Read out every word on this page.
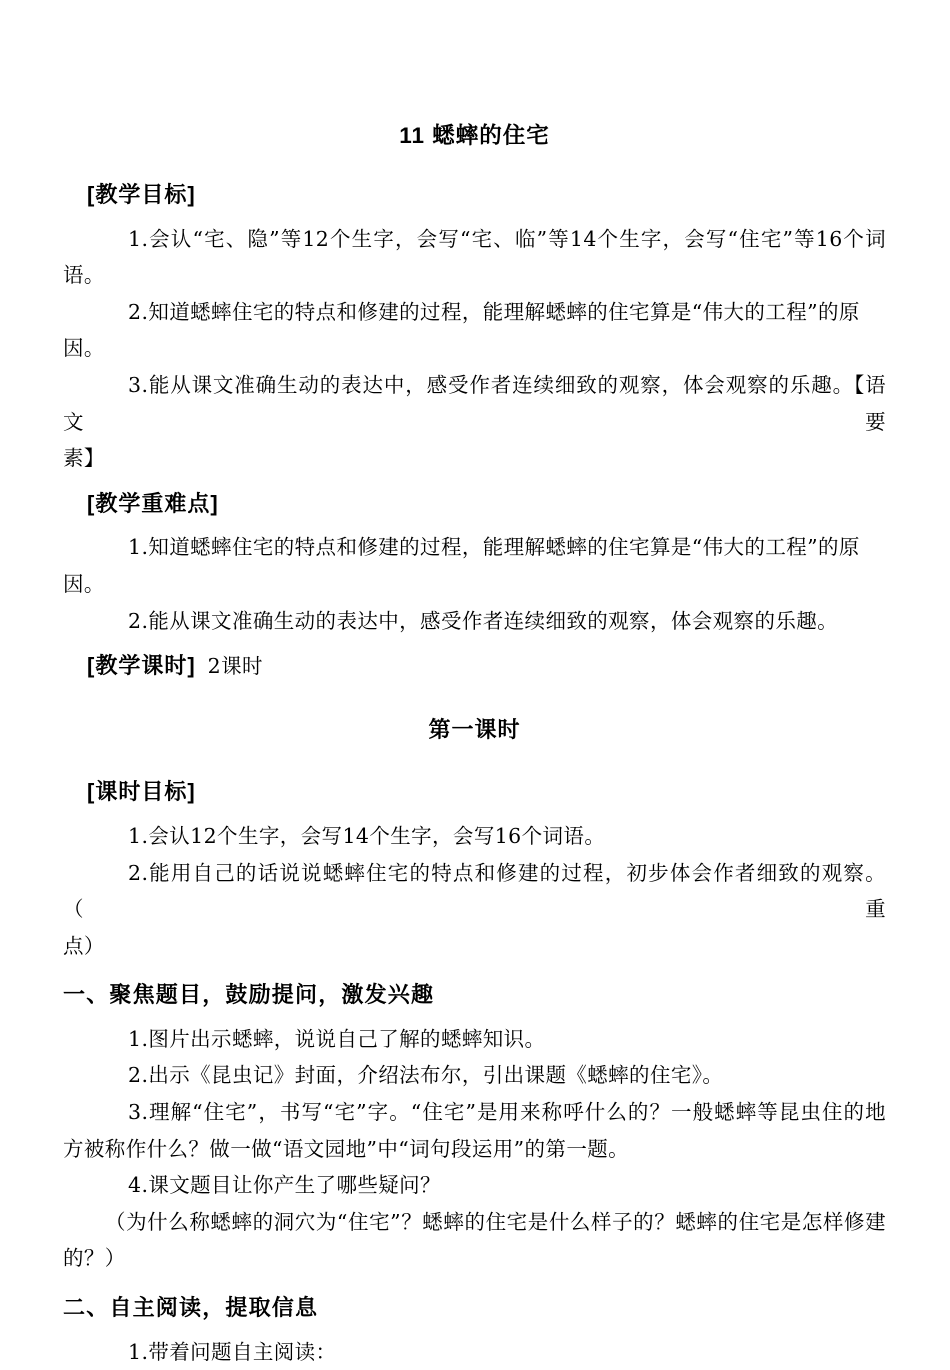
11 蟋蟀的住宅
[教学目标]
1.会认“宅、隐”等12个生字，会写“宅、临”等14个生字，会写“住宅”等16个词
语。
2.知道蟋蟀住宅的特点和修建的过程，能理解蟋蟀的住宅算是“伟大的工程”的原因。
3.能从课文准确生动的表达中，感受作者连续细致的观察，体会观察的乐趣。【语文要
素】
[教学重难点]
1.知道蟋蟀住宅的特点和修建的过程，能理解蟋蟀的住宅算是“伟大的工程”的原因。
2.能从课文准确生动的表达中，感受作者连续细致的观察，体会观察的乐趣。
[教学课时] 2课时
第一课时
[课时目标]
1.会认12个生字，会写14个生字，会写16个词语。
2.能用自己的话说说蟋蟀住宅的特点和修建的过程，初步体会作者细致的观察。（重
点）
一、聚焦题目，鼓励提问，激发兴趣
1.图片出示蟋蟀，说说自己了解的蟋蟀知识。
2.出示《昆虫记》封面，介绍法布尔，引出课题《蟋蟀的住宅》。
3.理解“住宅”，书写“宅”字。“住宅”是用来称呼什么的？一般蟋蟀等昆虫住的地
方被称作什么？做一做“语文园地”中“词句段运用”的第一题。
4.课文题目让你产生了哪些疑问？
（为什么称蟋蟀的洞穴为“住宅”？蟋蟀的住宅是什么样子的？蟋蟀的住宅是怎样修建
的？）
二、自主阅读，提取信息
1.带着问题自主阅读：
